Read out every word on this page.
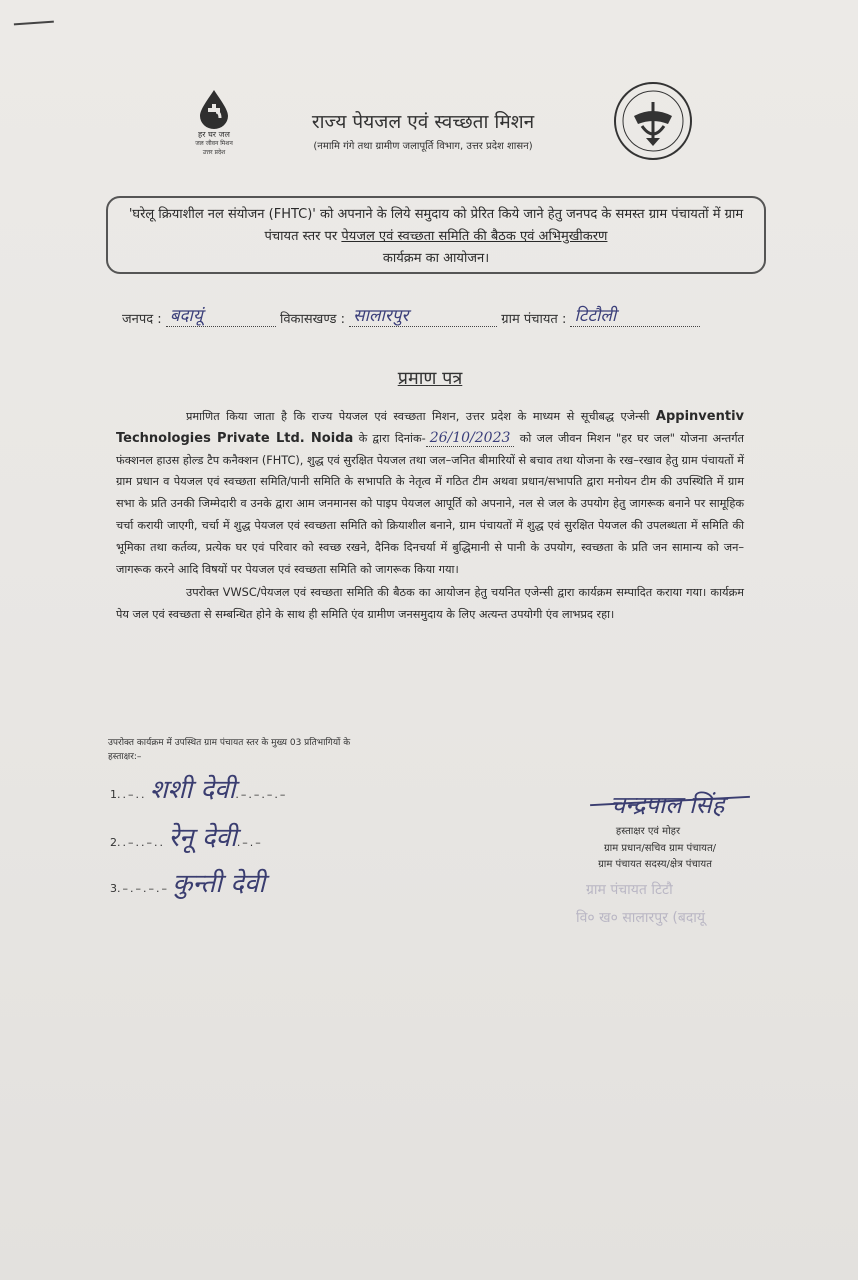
हर घर जल
जल जीवन मिशन
उत्तर प्रदेश
राज्य पेयजल एवं स्वच्छता मिशन
(नमामि गंगे तथा ग्रामीण जलापूर्ति विभाग, उत्तर प्रदेश शासन)
'घरेलू क्रियाशील नल संयोजन (FHTC)' को अपनाने के लिये समुदाय को प्रेरित किये जाने हेतु जनपद के समस्त ग्राम पंचायतों में ग्राम पंचायत स्तर पर पेयजल एवं स्वच्छता समिति की बैठक एवं अभिमुखीकरण
कार्यक्रम का आयोजन।
जनपद : बदायूं	विकासखण्ड : सालारपुर	ग्राम पंचायत : टिटौली
प्रमाण पत्र

प्रमाणित किया जाता है कि राज्य पेयजल एवं स्वच्छता मिशन, उत्तर प्रदेश के माध्यम से सूचीबद्ध एजेन्सी Appinventiv Technologies Private Ltd. Noida के द्वारा दिनांक- 26/10/2023 को जल जीवन मिशन "हर घर जल" योजना अन्तर्गत फंक्शनल हाउस होल्ड टैप कनैक्शन (FHTC), शुद्ध एवं सुरक्षित पेयजल तथा जल–जनित बीमारियों से बचाव तथा योजना के रख–रखाव हेतु ग्राम पंचायतों में ग्राम प्रधान व पेयजल एवं स्वच्छता समिति/पानी समिति के सभापति के नेतृत्व में गठित टीम अथवा प्रधान/सभापति द्वारा मनोयन टीम की उपस्थिति में ग्राम सभा के प्रति उनकी जिम्मेदारी व उनके द्वारा आम जनमानस को पाइप पेयजल आपूर्ति को अपनाने, नल से जल के उपयोग हेतु जागरूक बनाने पर सामूहिक चर्चा करायी जाएगी, चर्चा में शुद्ध पेयजल एवं स्वच्छता समिति को क्रियाशील बनाने, ग्राम पंचायतों में शुद्ध एवं सुरक्षित पेयजल की उपलब्धता में समिति की भूमिका तथा कर्तव्य, प्रत्येक घर एवं परिवार को स्वच्छ रखने, दैनिक दिनचर्या में बुद्धिमानी से पानी के उपयोग, स्वच्छता के प्रति जन सामान्य को जन–जागरूक करने आदि विषयों पर पेयजल एवं स्वच्छता समिति को जागरूक किया गया।

उपरोक्त VWSC/पेयजल एवं स्वच्छता समिति की बैठक का आयोजन हेतु चयनित एजेन्सी द्वारा कार्यक्रम सम्पादित कराया गया। कार्यक्रम पेय जल एवं स्वच्छता से सम्बन्धित होने के साथ ही समिति एंव ग्रामीण जनसमुदाय के लिए अत्यन्त उपयोगी एंव लाभप्रद रहा।

उपरोक्त कार्यक्रम में उपस्थित ग्राम पंचायत स्तर के मुख्य 03 प्रतिभागियों के
हस्ताक्षर:–
1..–.. शशी देवी.–.–.–.–
2..–..–.. रेनू देवी.–.–
3.–.–.–.– कुन्ती देवी
चन्द्रपाल सिंह
हस्ताक्षर एवं मोहर
ग्राम प्रधान/सचिव ग्राम पंचायत/
ग्राम पंचायत सदस्य/क्षेत्र पंचायत
ग्राम पंचायत टिटौ
वि० ख० सालारपुर (बदायूं
